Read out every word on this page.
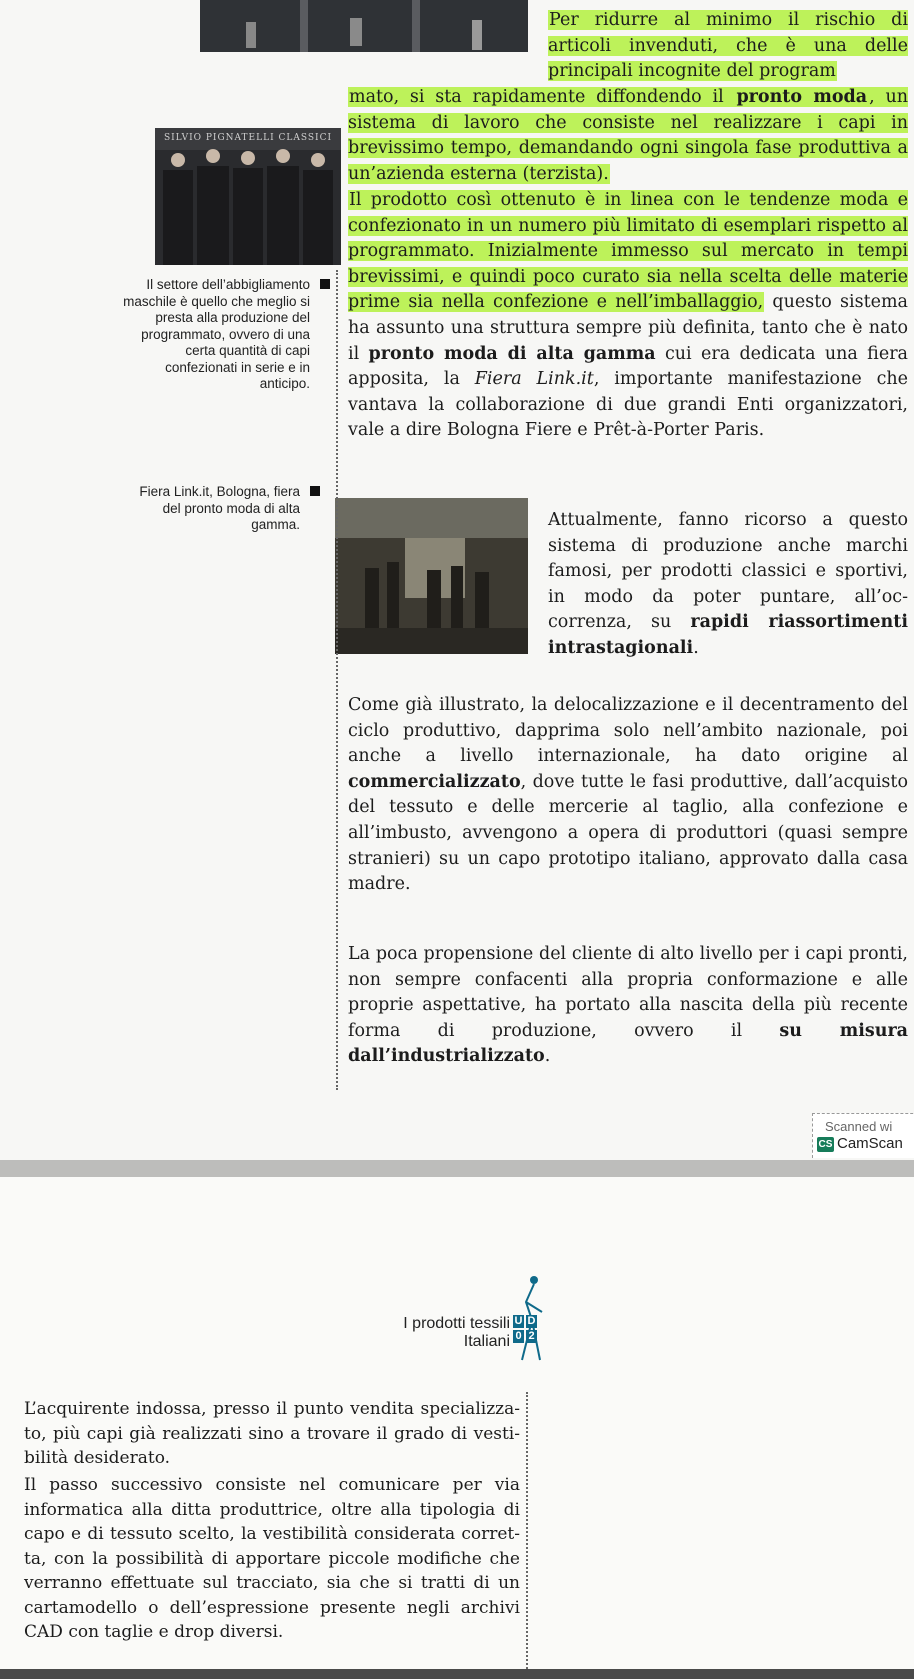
SILVIO PIGNATELLI CLASSICI

Per ridurre al minimo il rischio di articoli invenduti, che è una delle principali incognite del program

mato, si sta rapidamente diffondendo il pronto moda , un sistema di lavoro che consiste nel realizzare i capi in brevissimo tempo, demandando ogni singola fase produttiva a un’azienda esterna (terzista).

Il prodotto così ottenuto è in linea con le tendenze moda e confezionato in un numero più limitato di esemplari rispetto al programmato. Inizialmente immesso sul mercato in tempi brevissimi, e quindi poco curato sia nella scelta delle materie prime sia nella confezione e nell’imballaggio, questo sistema ha assunto una struttura sempre più definita, tanto che è nato il pronto moda di alta gamma cui era dedicata una fiera apposita, la Fiera Link.it, importante manifestazione che vantava la collaborazione di due grandi Enti organizzatori, vale a dire Bologna Fiere e Prêt-à-Porter Paris.

Attualmente, fanno ricorso a questo sistema di produzione anche marchi famosi, per prodotti classici e sportivi, in modo da poter puntare, all’occorrenza, su rapidi riassortimenti intrastagionali.

Come già illustrato, la delocalizzazione e il decentramento del ciclo produttivo, dapprima solo nell’ambito nazionale, poi anche a livello internazionale, ha dato origine al commercializzato, dove tutte le fasi produttive, dall’acquisto del tessuto e delle mercerie al taglio, alla confezione e all’imbusto, avvengono a opera di produttori (quasi sempre stranieri) su un capo prototipo italiano, approvato dalla casa madre.

La poca propensione del cliente di alto livello per i capi pronti, non sempre confacenti alla propria conformazione e alle proprie aspettative, ha portato alla nascita della più recente forma di produzione, ovvero il su misura dall’industrializzato.

Il settore dell’abbigliamento maschile è quello che meglio si presta alla produzione del programmato, ovvero di una certa quantità di capi confezionati in serie e in anticipo.
Fiera Link.it, Bologna, fiera del pronto moda di alta gamma.
Scanned wi
CS CamScan
I prodotti tessili
Italiani
U D
0 2

L’acquirente indossa, presso il punto vendita specializzato, più capi già realizzati sino a trovare il grado di vestibilità desiderato.

Il passo successivo consiste nel comunicare per via informatica alla ditta produttrice, oltre alla tipologia di capo e di tessuto scelto, la vestibilità considerata corretta, con la possibilità di apportare piccole modifiche che verranno effettuate sul tracciato, sia che si tratti di un cartamodello o dell’espressione presente negli archivi CAD con taglie e drop diversi.
